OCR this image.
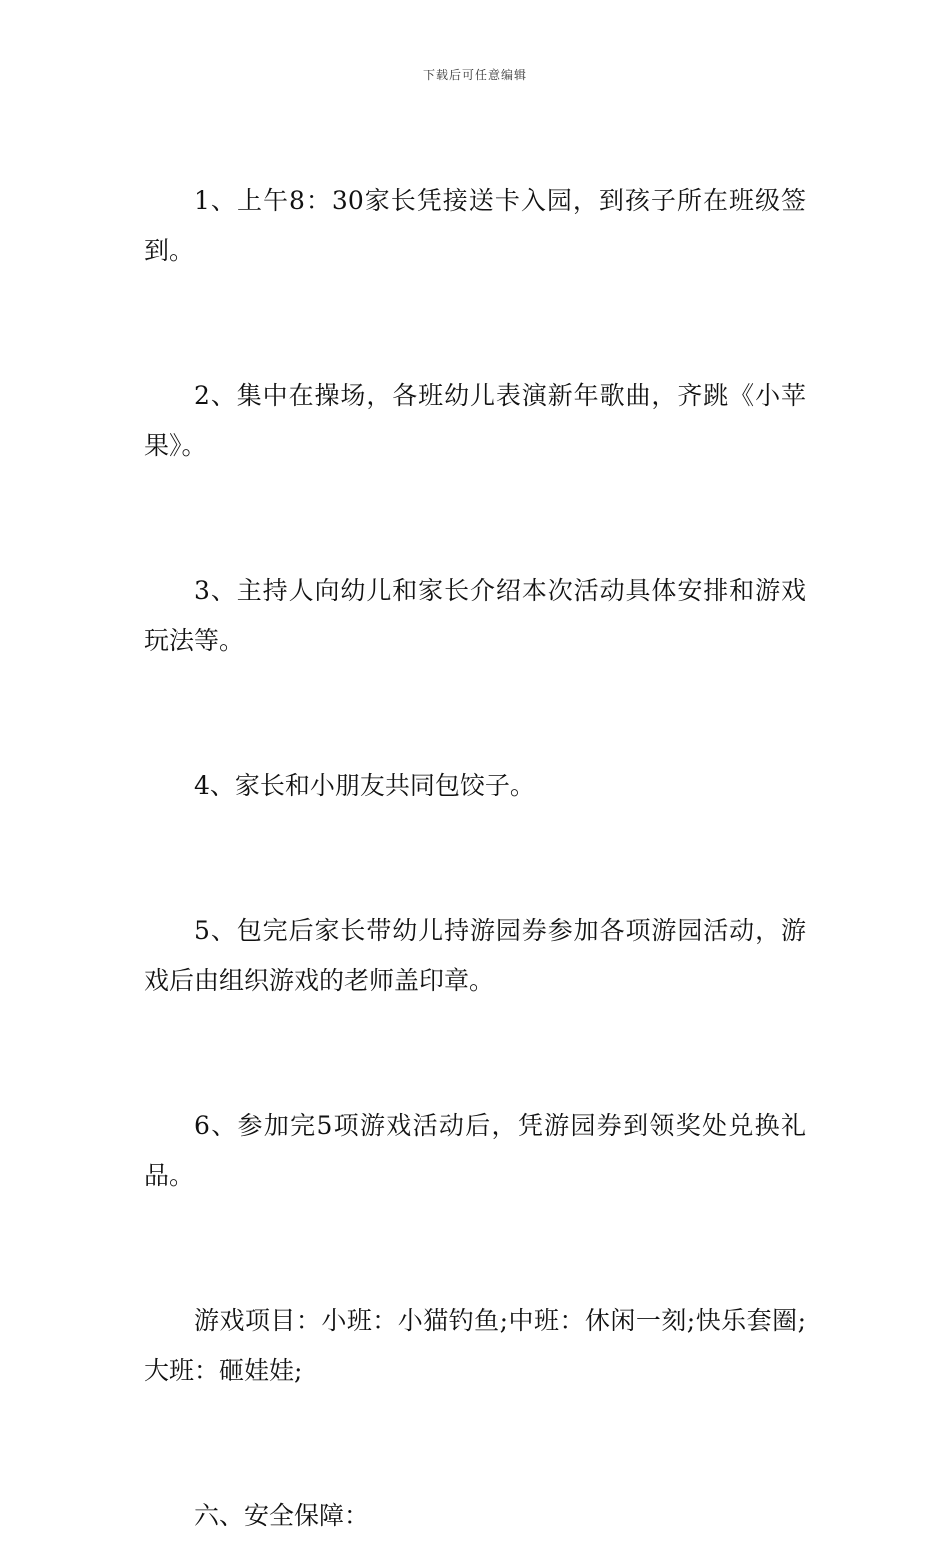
下载后可任意编辑

1、上午8：30家长凭接送卡入园，到孩子所在班级签到。

2、集中在操场，各班幼儿表演新年歌曲，齐跳《小苹果》。

3、主持人向幼儿和家长介绍本次活动具体安排和游戏玩法等。

4、家长和小朋友共同包饺子。

5、包完后家长带幼儿持游园券参加各项游园活动，游戏后由组织游戏的老师盖印章。

6、参加完5项游戏活动后，凭游园券到领奖处兑换礼品。

游戏项目：小班：小猫钓鱼;中班：休闲一刻;快乐套圈;大班：砸娃娃;

六、安全保障：
